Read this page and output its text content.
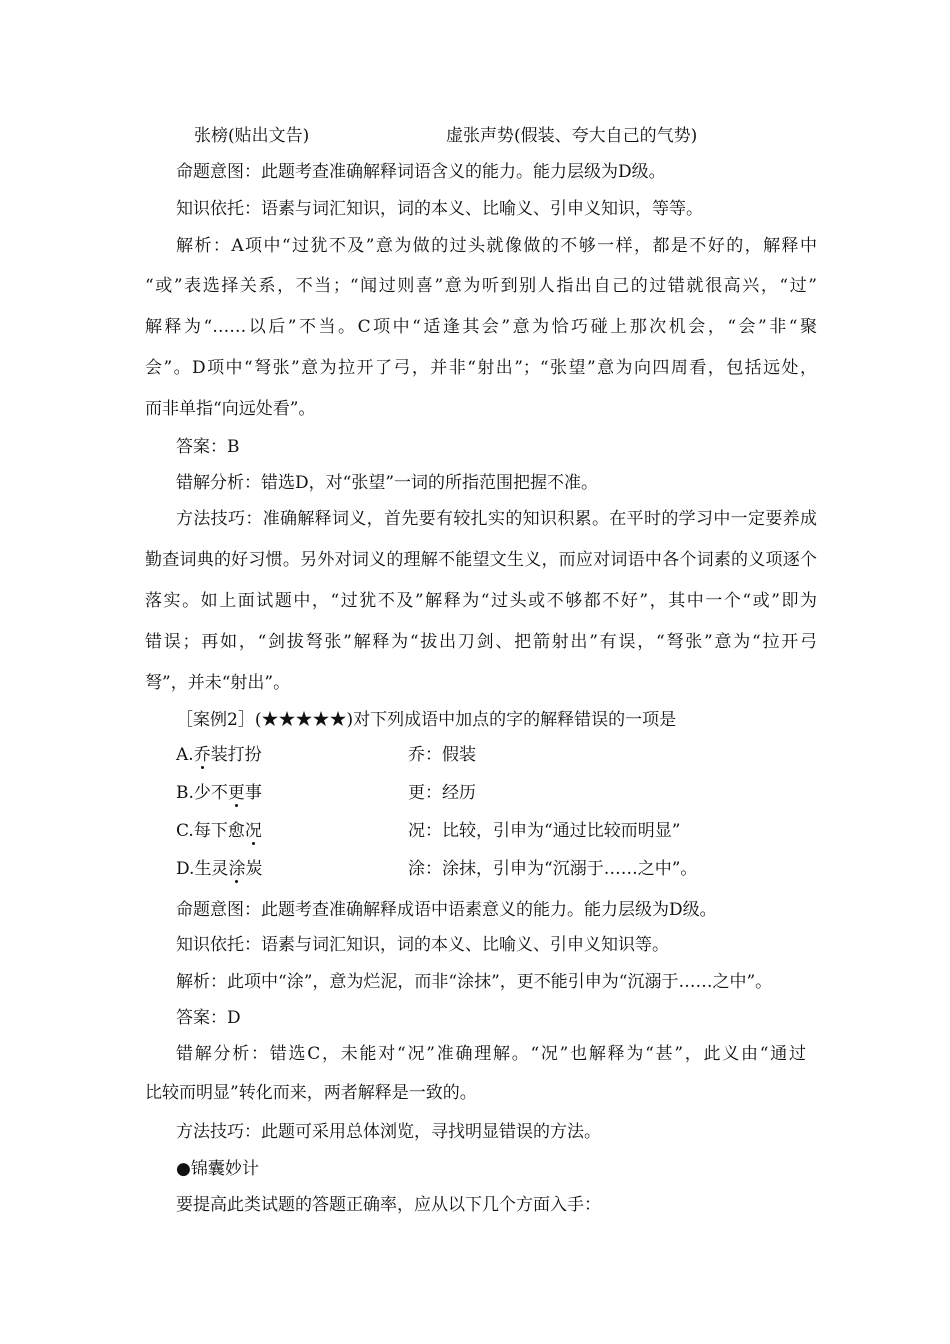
张榜(贴出文告)	虚张声势(假装、夸大自己的气势)
命题意图：此题考查准确解释词语含义的能力。能力层级为D级。
知识依托：语素与词汇知识，词的本义、比喻义、引申义知识，等等。
解析：A项中“过犹不及”意为做的过头就像做的不够一样，都是不好的，解释中
“或”表选择关系，不当；“闻过则喜”意为听到别人指出自己的过错就很高兴，“过”
解释为“……以后”不当。C项中“适逢其会”意为恰巧碰上那次机会，“会”非“聚
会”。D项中“弩张”意为拉开了弓，并非“射出”；“张望”意为向四周看，包括远处，
而非单指“向远处看”。
答案：B
错解分析：错选D，对“张望”一词的所指范围把握不准。
方法技巧：准确解释词义，首先要有较扎实的知识积累。在平时的学习中一定要养成
勤查词典的好习惯。另外对词义的理解不能望文生义，而应对词语中各个词素的义项逐个
落实。如上面试题中，“过犹不及”解释为“过头或不够都不好”，其中一个“或”即为
错误；再如，“剑拔弩张”解释为“拔出刀剑、把箭射出”有误，“弩张”意为“拉开弓
弩”，并未“射出”。
［案例2］(★★★★★)对下列成语中加点的字的解释错误的一项是
A.乔装打扮	乔：假装
B.少不更事	更：经历
C.每下愈况	况：比较，引申为“通过比较而明显”
D.生灵涂炭	涂：涂抹，引申为“沉溺于……之中”。
命题意图：此题考查准确解释成语中语素意义的能力。能力层级为D级。
知识依托：语素与词汇知识，词的本义、比喻义、引申义知识等。
解析：此项中“涂”，意为烂泥，而非“涂抹”，更不能引申为“沉溺于……之中”。
答案：D
错解分析：错选C，未能对“况”准确理解。“况”也解释为“甚”，此义由“通过
比较而明显”转化而来，两者解释是一致的。
方法技巧：此题可采用总体浏览，寻找明显错误的方法。
●锦囊妙计
要提高此类试题的答题正确率，应从以下几个方面入手：
